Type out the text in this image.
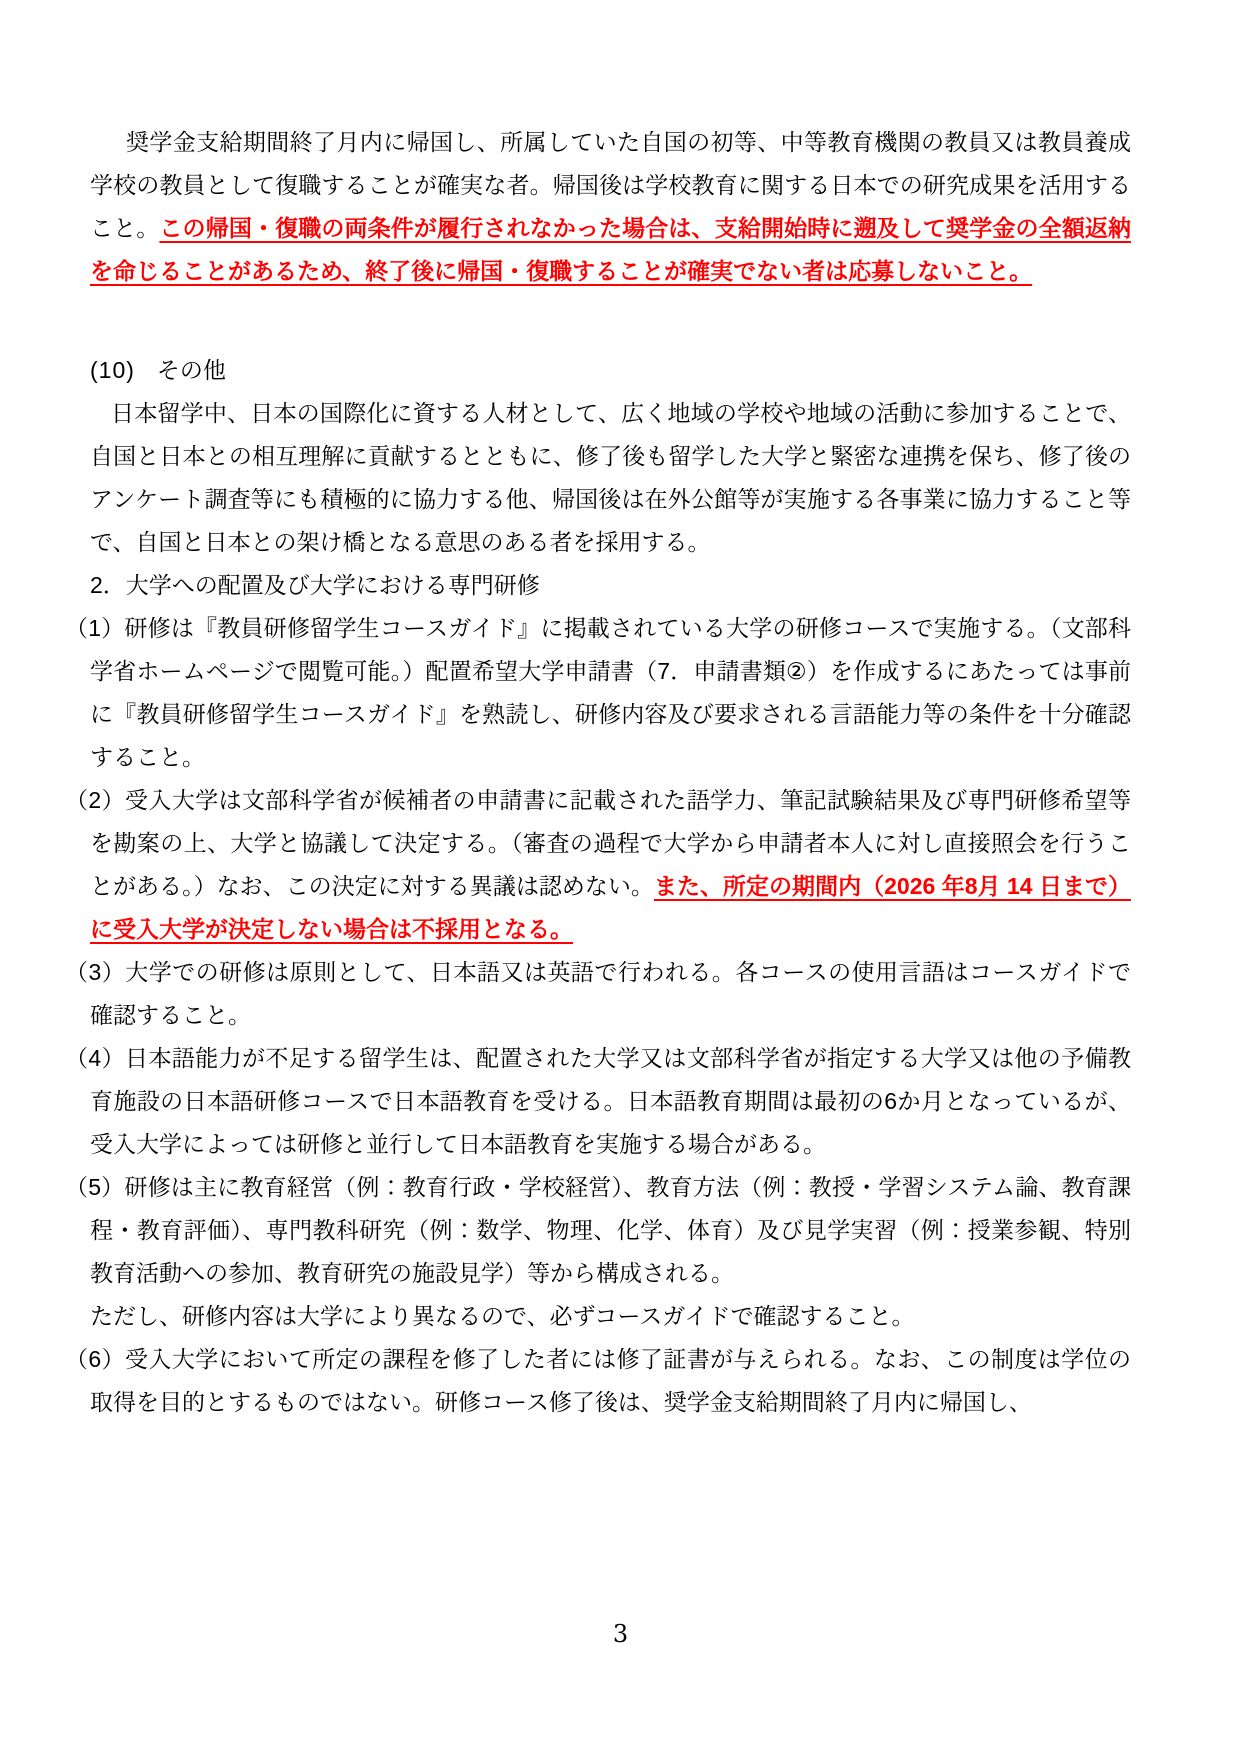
奨学金支給期間終了月内に帰国し、所属していた自国の初等、中等教育機関の教員又は教員養成学校の教員として復職することが確実な者。帰国後は学校教育に関する日本での研究成果を活用すること。この帰国・復職の両条件が履行されなかった場合は、支給開始時に遡及して奨学金の全額返納を命じることがあるため、終了後に帰国・復職することが確実でない者は応募しないこと。

(10) その他

日本留学中、日本の国際化に資する人材として、広く地域の学校や地域の活動に参加することで、自国と日本との相互理解に貢献するとともに、修了後も留学した大学と緊密な連携を保ち、修了後のアンケート調査等にも積極的に協力する他、帰国後は在外公館等が実施する各事業に協力すること等で、自国と日本との架け橋となる意思のある者を採用する。

2．大学への配置及び大学における専門研修

（1）研修は『教員研修留学生コースガイド』に掲載されている大学の研修コースで実施する。（文部科学省ホームページで閲覧可能。）配置希望大学申請書（7．申請書類②）を作成するにあたっては事前に『教員研修留学生コースガイド』を熟読し、研修内容及び要求される言語能力等の条件を十分確認すること。

（2）受入大学は文部科学省が候補者の申請書に記載された語学力、筆記試験結果及び専門研修希望等を勘案の上、大学と協議して決定する。（審査の過程で大学から申請者本人に対し直接照会を行うことがある。）なお、この決定に対する異議は認めない。また、所定の期間内（2026 年8月 14 日まで）に受入大学が決定しない場合は不採用となる。

（3）大学での研修は原則として、日本語又は英語で行われる。各コースの使用言語はコースガイドで確認すること。

（4）日本語能力が不足する留学生は、配置された大学又は文部科学省が指定する大学又は他の予備教育施設の日本語研修コースで日本語教育を受ける。日本語教育期間は最初の6か月となっているが、受入大学によっては研修と並行して日本語教育を実施する場合がある。

（5）研修は主に教育経営（例：教育行政・学校経営）、教育方法（例：教授・学習システム論、教育課程・教育評価）、専門教科研究（例：数学、物理、化学、体育）及び見学実習（例：授業参観、特別教育活動への参加、教育研究の施設見学）等から構成される。

ただし、研修内容は大学により異なるので、必ずコースガイドで確認すること。

（6）受入大学において所定の課程を修了した者には修了証書が与えられる。なお、この制度は学位の取得を目的とするものではない。研修コース修了後は、奨学金支給期間終了月内に帰国し、

3
